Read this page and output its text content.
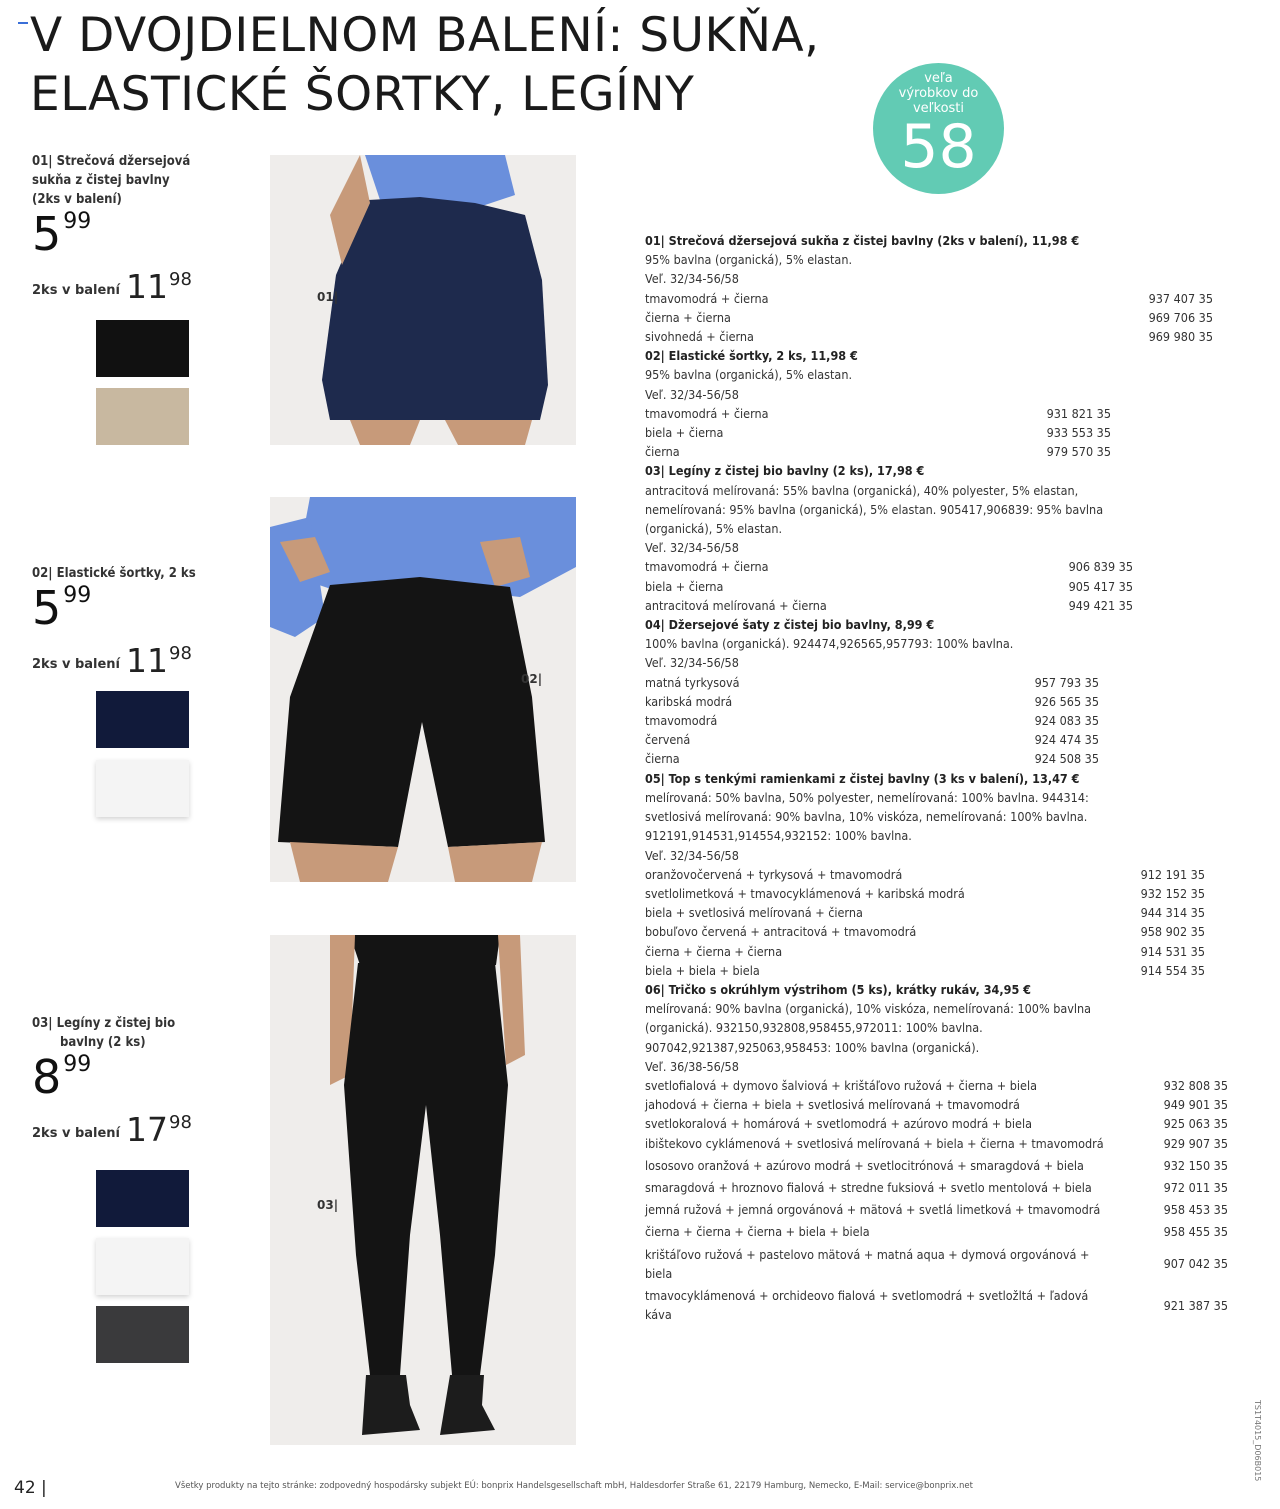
V DVOJDIELNOM BALENÍ: SUKŇA,
ELASTICKÉ ŠORTKY, LEGÍNY	veľa
výrobkov do
veľkosti
58
01| Strečová džersejová
sukňa z čistej bavlny
(2ks v balení)
5 99
2ks v balení 11 98
02| Elastické šortky, 2 ks
5 99
2ks v balení 11 98
03| Legíny z čistej bio
bavlny (2 ks)
8 99
2ks v balení 17 98
01|
02|
03|
01| Strečová džersejová sukňa z čistej bavlny (2ks v balení), 11,98 €
95% bavlna (organická), 5% elastan.
Veľ. 32/34-56/58
tmavomodrá + čierna	937 407 35
čierna + čierna	969 706 35
sivohnedá + čierna	969 980 35
02| Elastické šortky, 2 ks, 11,98 €
95% bavlna (organická), 5% elastan.
Veľ. 32/34-56/58
tmavomodrá + čierna	931 821 35
biela + čierna	933 553 35
čierna	979 570 35
03| Legíny z čistej bio bavlny (2 ks), 17,98 €
antracitová melírovaná: 55% bavlna (organická), 40% polyester, 5% elastan,
nemelírovaná: 95% bavlna (organická), 5% elastan. 905417,906839: 95% bavlna
(organická), 5% elastan.
Veľ. 32/34-56/58
tmavomodrá + čierna	906 839 35
biela + čierna	905 417 35
antracitová melírovaná + čierna	949 421 35
04| Džersejové šaty z čistej bio bavlny, 8,99 €
100% bavlna (organická). 924474,926565,957793: 100% bavlna.
Veľ. 32/34-56/58
matná tyrkysová	957 793 35
karibská modrá	926 565 35
tmavomodrá	924 083 35
červená	924 474 35
čierna	924 508 35
05| Top s tenkými ramienkami z čistej bavlny (3 ks v balení), 13,47 €
melírovaná: 50% bavlna, 50% polyester, nemelírovaná: 100% bavlna. 944314:
svetlosivá melírovaná: 90% bavlna, 10% viskóza, nemelírovaná: 100% bavlna.
912191,914531,914554,932152: 100% bavlna.
Veľ. 32/34-56/58
oranžovočervená + tyrkysová + tmavomodrá	912 191 35
svetlolimetková + tmavocyklámenová + karibská modrá	932 152 35
biela + svetlosivá melírovaná + čierna	944 314 35
bobuľovo červená + antracitová + tmavomodrá	958 902 35
čierna + čierna + čierna	914 531 35
biela + biela + biela	914 554 35
06| Tričko s okrúhlym výstrihom (5 ks), krátky rukáv, 34,95 €
melírovaná: 90% bavlna (organická), 10% viskóza, nemelírovaná: 100% bavlna
(organická). 932150,932808,958455,972011: 100% bavlna.
907042,921387,925063,958453: 100% bavlna (organická).
Veľ. 36/38-56/58
svetlofialová + dymovo šalviová + krištáľovo ružová + čierna + biela	932 808 35
jahodová + čierna + biela + svetlosivá melírovaná + tmavomodrá	949 901 35
svetlokoralová + homárová + svetlomodrá + azúrovo modrá + biela	925 063 35
ibištekovo cyklámenová + svetlosivá melírovaná + biela + čierna + tmavomodrá	929 907 35
lososovo oranžová + azúrovo modrá + svetlocitrónová + smaragdová + biela	932 150 35
smaragdová + hroznovo fialová + stredne fuksiová + svetlo mentolová + biela	972 011 35
jemná ružová + jemná orgovánová + mätová + svetlá limetková + tmavomodrá	958 453 35
čierna + čierna + čierna + biela + biela	958 455 35
krištáľovo ružová + pastelovo mätová + matná aqua + dymová orgovánová + biela
907 042 35
tmavocyklámenová + orchideovo fialová + svetlomodrá + svetložltá + ľadová káva
921 387 35
TS1T4015_D06B015
42 |	Všetky produkty na tejto stránke: zodpovedný hospodársky subjekt EÚ: bonprix Handelsgesellschaft mbH, Haldesdorfer Straße 61, 22179 Hamburg, Nemecko, E-Mail: service@bonprix.net
